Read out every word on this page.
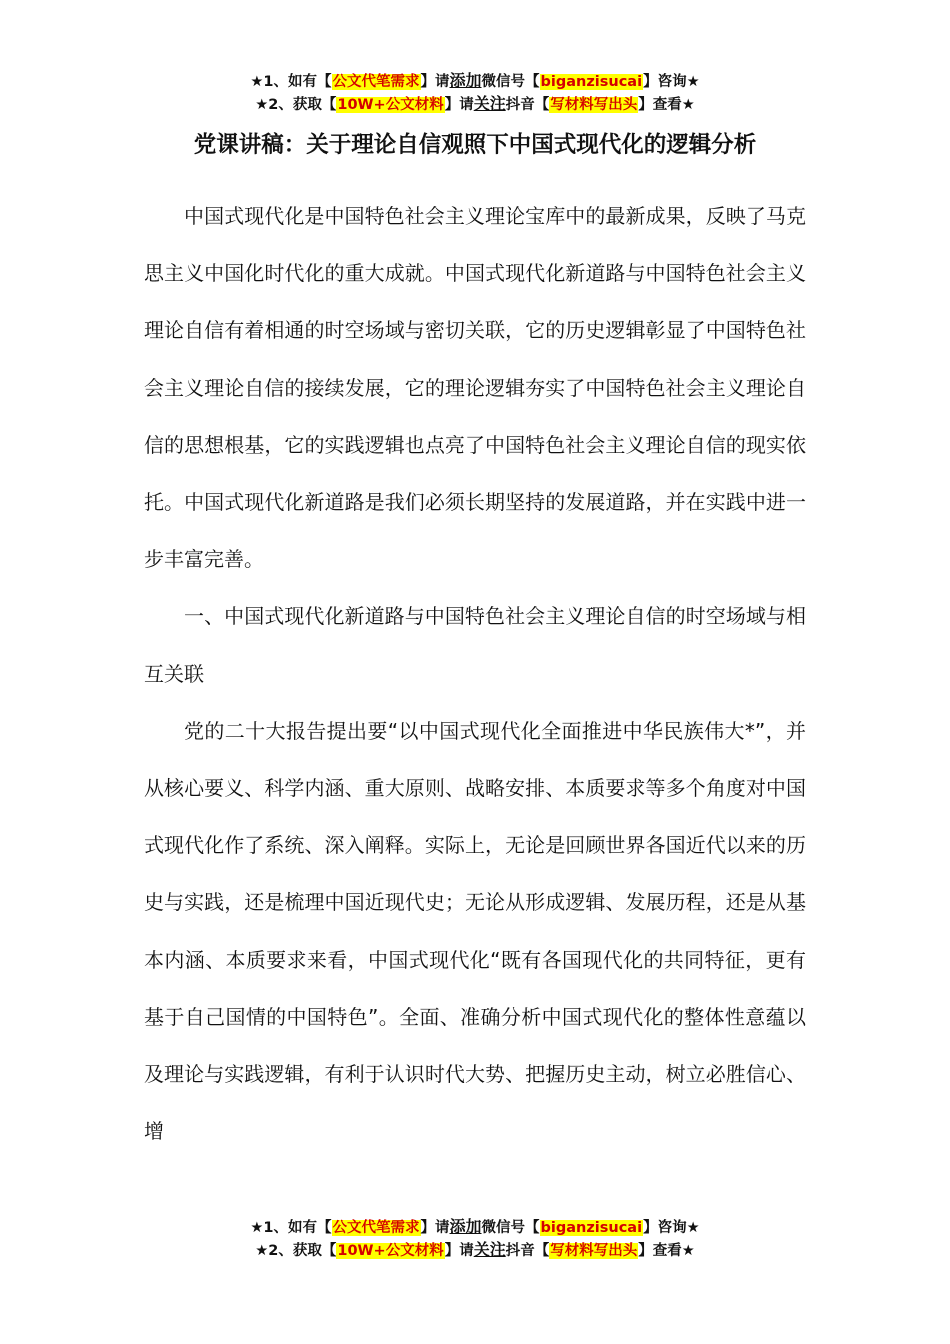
★1、如有【公文代笔需求】请添加微信号【biganzisucai】咨询★
★2、获取【10W+公文材料】请关注抖音【写材料写出头】查看★
党课讲稿：关于理论自信观照下中国式现代化的逻辑分析

中国式现代化是中国特色社会主义理论宝库中的最新成果，反映了马克思主义中国化时代化的重大成就。中国式现代化新道路与中国特色社会主义理论自信有着相通的时空场域与密切关联，它的历史逻辑彰显了中国特色社会主义理论自信的接续发展，它的理论逻辑夯实了中国特色社会主义理论自信的思想根基，它的实践逻辑也点亮了中国特色社会主义理论自信的现实依托。中国式现代化新道路是我们必须长期坚持的发展道路，并在实践中进一步丰富完善。

一、中国式现代化新道路与中国特色社会主义理论自信的时空场域与相互关联

党的二十大报告提出要“以中国式现代化全面推进中华民族伟大*”，并从核心要义、科学内涵、重大原则、战略安排、本质要求等多个角度对中国式现代化作了系统、深入阐释。实际上，无论是回顾世界各国近代以来的历史与实践，还是梳理中国近现代史；无论从形成逻辑、发展历程，还是从基本内涵、本质要求来看，中国式现代化“既有各国现代化的共同特征，更有基于自己国情的中国特色”。全面、准确分析中国式现代化的整体性意蕴以及理论与实践逻辑，有利于认识时代大势、把握历史主动，树立必胜信心、增

★1、如有【公文代笔需求】请添加微信号【biganzisucai】咨询★
★2、获取【10W+公文材料】请关注抖音【写材料写出头】查看★
